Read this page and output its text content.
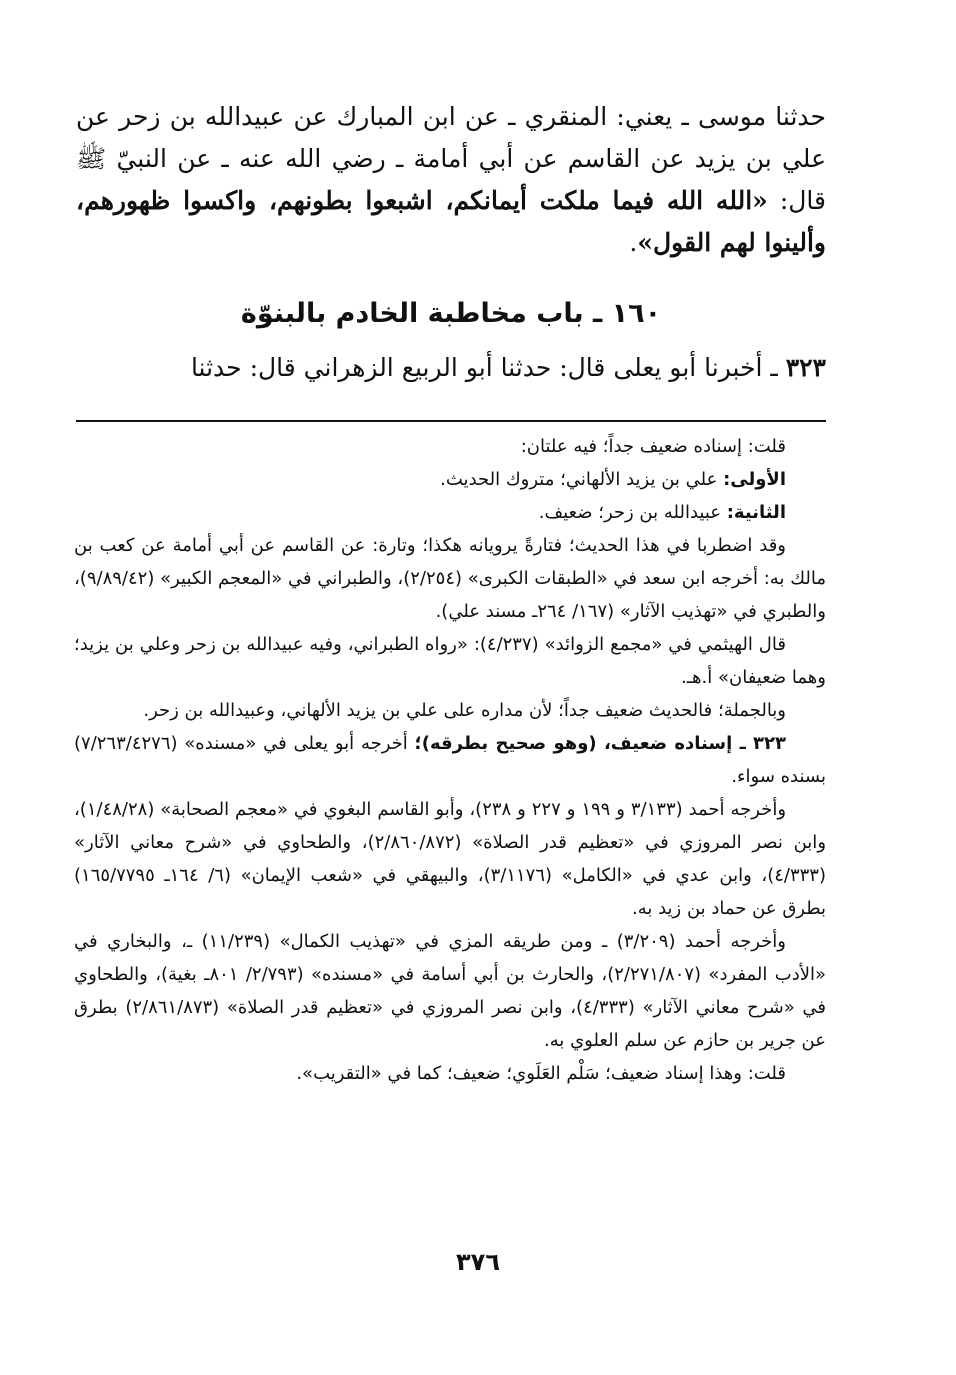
حدثنا موسى ـ يعني: المنقري ـ عن ابن المبارك عن عبيدالله بن زحر عن علي بن يزيد عن القاسم عن أبي أمامة ـ رضي الله عنه ـ عن النبيّ ﷺ قال: «الله الله فيما ملكت أيمانكم، اشبعوا بطونهم، واكسوا ظهورهم، وألينوا لهم القول».

١٦٠ ـ باب مخاطبة الخادم بالبنوّة
٣٢٣ ـ أخبرنا أبو يعلى قال: حدثنا أبو الربيع الزهراني قال: حدثنا

قلت: إسناده ضعيف جداً؛ فيه علتان:

الأولى: علي بن يزيد الألهاني؛ متروك الحديث.

الثانية: عبيدالله بن زحر؛ ضعيف.

وقد اضطربا في هذا الحديث؛ فتارةً يرويانه هكذا؛ وتارة: عن القاسم عن أبي أمامة عن كعب بن مالك به: أخرجه ابن سعد في «الطبقات الكبرى» (٢/٢٥٤)، والطبراني في «المعجم الكبير» (٩/٨٩/٤٢)، والطبري في «تهذيب الآثار» (١٦٧/ ٢٦٤ـ مسند علي).

قال الهيثمي في «مجمع الزوائد» (٤/٢٣٧): «رواه الطبراني، وفيه عبيدالله بن زحر وعلي بن يزيد؛ وهما ضعيفان» أ.هـ.

وبالجملة؛ فالحديث ضعيف جداً؛ لأن مداره على علي بن يزيد الألهاني، وعبيدالله بن زحر.

٣٢٣ ـ إسناده ضعيف، (وهو صحيح بطرقه)؛ أخرجه أبو يعلى في «مسنده» (٧/٢٦٣/٤٢٧٦) بسنده سواء.

وأخرجه أحمد (٣/١٣٣ و ١٩٩ و ٢٢٧ و ٢٣٨)، وأبو القاسم البغوي في «معجم الصحابة» (١/٤٨/٢٨)، وابن نصر المروزي في «تعظيم قدر الصلاة» (٢/٨٦٠/٨٧٢)، والطحاوي في «شرح معاني الآثار» (٤/٣٣٣)، وابن عدي في «الكامل» (٣/١١٧٦)، والبيهقي في «شعب الإيمان» (٦/ ١٦٤ـ ١٦٥/٧٧٩٥) بطرق عن حماد بن زيد به.

وأخرجه أحمد (٣/٢٠٩) ـ ومن طريقه المزي في «تهذيب الكمال» (١١/٢٣٩) ـ، والبخاري في «الأدب المفرد» (٢/٢٧١/٨٠٧)، والحارث بن أبي أسامة في «مسنده» (٢/٧٩٣/ ٨٠١ـ بغية)، والطحاوي في «شرح معاني الآثار» (٤/٣٣٣)، وابن نصر المروزي في «تعظيم قدر الصلاة» (٢/٨٦١/٨٧٣) بطرق عن جرير بن حازم عن سلم العلوي به.

قلت: وهذا إسناد ضعيف؛ سَلْم العَلَوي؛ ضعيف؛ كما في «التقريب».

٣٧٦
